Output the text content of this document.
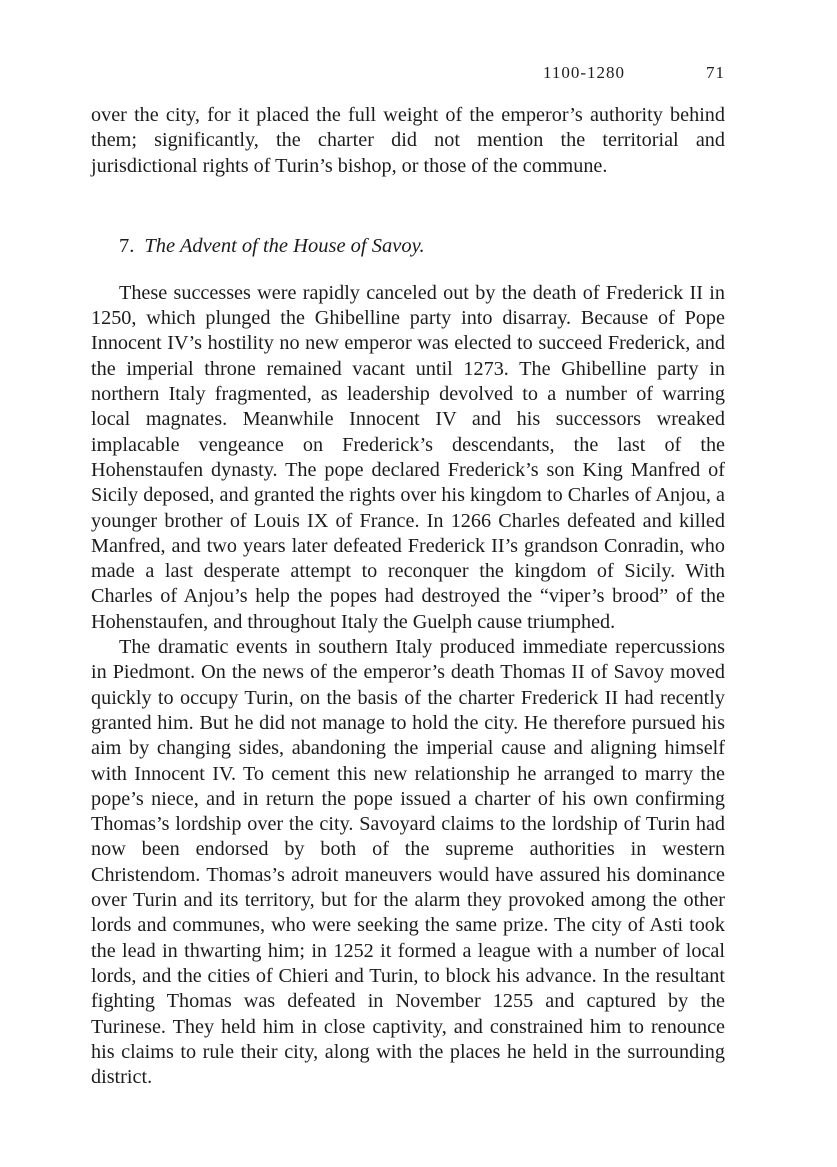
1100-1280	71

over the city, for it placed the full weight of the emperor’s authority behind them; significantly, the charter did not mention the territorial and jurisdictional rights of Turin’s bishop, or those of the commune.

7. The Advent of the House of Savoy.

These successes were rapidly canceled out by the death of Frederick II in 1250, which plunged the Ghibelline party into disarray. Because of Pope Innocent IV’s hostility no new emperor was elected to succeed Frederick, and the imperial throne remained vacant until 1273. The Ghibelline party in northern Italy fragmented, as leadership devolved to a number of warring local magnates. Meanwhile Innocent IV and his successors wreaked implacable vengeance on Frederick’s descendants, the last of the Hohenstaufen dynasty. The pope declared Frederick’s son King Manfred of Sicily deposed, and granted the rights over his kingdom to Charles of Anjou, a younger brother of Louis IX of France. In 1266 Charles defeated and killed Manfred, and two years later defeated Frederick II’s grandson Conradin, who made a last desperate attempt to reconquer the kingdom of Sicily. With Charles of Anjou’s help the popes had destroyed the “viper’s brood” of the Hohenstaufen, and throughout Italy the Guelph cause triumphed.

The dramatic events in southern Italy produced immediate repercussions in Piedmont. On the news of the emperor’s death Thomas II of Savoy moved quickly to occupy Turin, on the basis of the charter Frederick II had recently granted him. But he did not manage to hold the city. He therefore pursued his aim by changing sides, abandoning the imperial cause and aligning himself with Innocent IV. To cement this new relationship he arranged to marry the pope’s niece, and in return the pope issued a charter of his own confirming Thomas’s lordship over the city. Savoyard claims to the lordship of Turin had now been endorsed by both of the supreme authorities in western Christendom. Thomas’s adroit maneuvers would have assured his dominance over Turin and its territory, but for the alarm they provoked among the other lords and communes, who were seeking the same prize. The city of Asti took the lead in thwarting him; in 1252 it formed a league with a number of local lords, and the cities of Chieri and Turin, to block his advance. In the resultant fighting Thomas was defeated in November 1255 and captured by the Turinese. They held him in close captivity, and constrained him to renounce his claims to rule their city, along with the places he held in the surrounding district.
